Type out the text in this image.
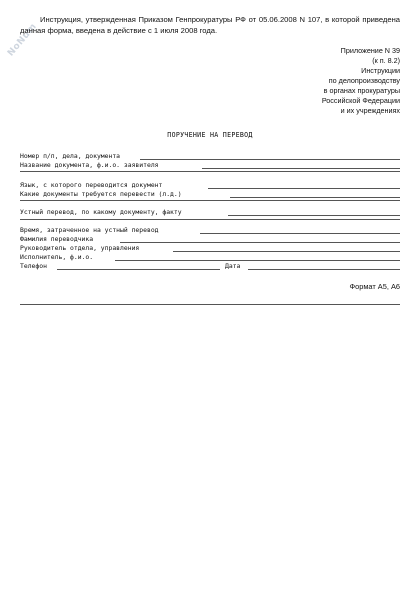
NoNum
Инструкция, утвержденная Приказом Генпрокуратуры РФ от 05.06.2008 N 107, в которой приведена данная форма, введена в действие с 1 июля 2008 года.
Приложение N 39
(к п. 8.2)
Инструкции
по делопроизводству
в органах прокуратуры
Российской Федерации
и их учреждениях
ПОРУЧЕНИЕ НА ПЕРЕВОД
Номер п/п, дела, документа
Название документа, ф.и.о. заявителя
Язык, с которого переводится документ
Какие документы требуется перевести (л.д.)
Устный перевод, по какому документу, факту
Время, затраченное на устный перевод
Фамилия переводчика
Руководитель отдела, управления
Исполнитель, ф.и.о.
Телефон	Дата
Формат А5, А6
